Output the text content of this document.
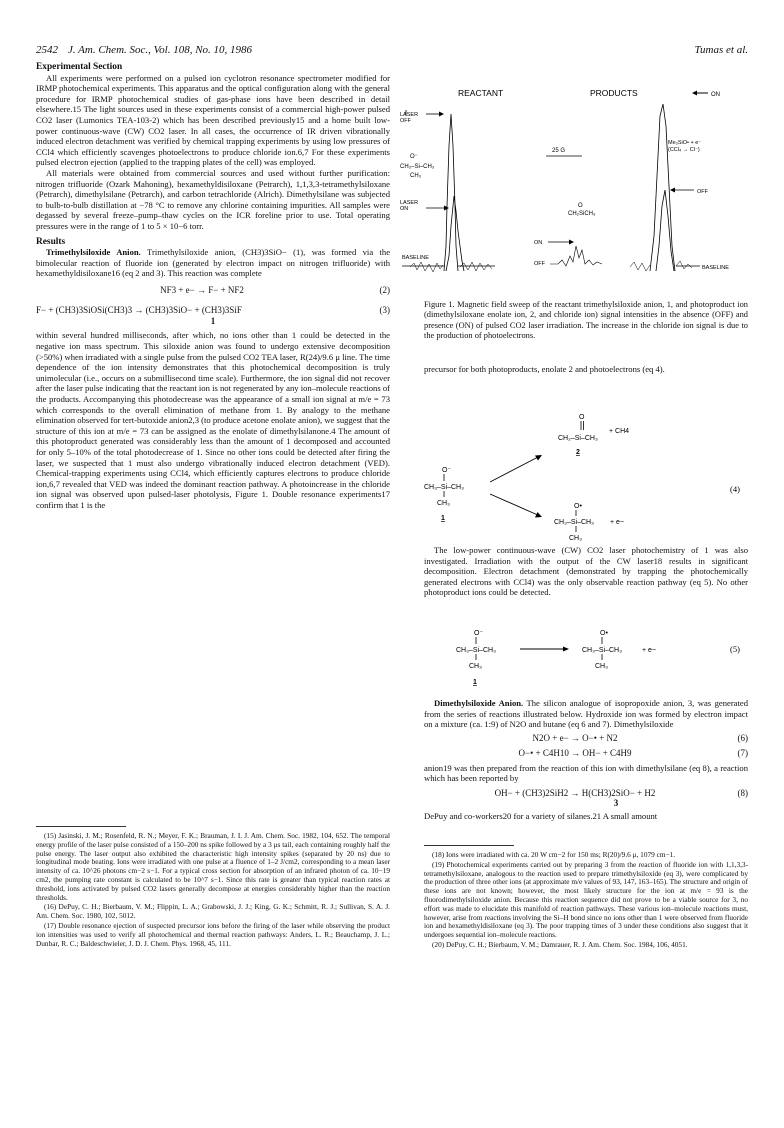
2542 J. Am. Chem. Soc., Vol. 108, No. 10, 1986	Tumas et al.

Experimental Section

All experiments were performed on a pulsed ion cyclotron resonance spectrometer modified for IRMP photochemical experiments. This apparatus and the optical configuration along with the general procedure for IRMP photochemical studies of gas-phase ions have been described in detail elsewhere.15 The light sources used in these experiments consist of a commercial high-power pulsed CO2 laser (Lumonics TEA-103-2) which has been described previously15 and a home built low-power continuous-wave (CW) CO2 laser. In all cases, the occurrence of IR driven vibrationally induced electron detachment was verified by chemical trapping experiments by using low pressures of CCl4 which efficiently scavenges photoelectrons to produce chloride ion.6,7 For these experiments pulsed electron ejection (applied to the trapping plates of the cell) was employed.

All materials were obtained from commercial sources and used without further purification: nitrogen trifluoride (Ozark Mahoning), hexamethyldisiloxane (Petrarch), 1,1,3,3-tetramethylsiloxane (Petrarch), dimethylsilane (Petrarch), and carbon tetrachloride (Alrich). Dimethylsilane was subjected to bulb-to-bulb distillation at −78 °C to remove any chlorine containing impurities. All samples were degassed by several freeze–pump–thaw cycles on the ICR foreline prior to use. Total operating pressures were in the range of 1 to 5 × 10−6 torr.

Results

Trimethylsiloxide Anion. Trimethylsiloxide anion, (CH3)3SiO− (1), was formed via the bimolecular reaction of fluoride ion (generated by electron impact on nitrogen trifluoride) with hexamethyldisiloxane16 (eq 2 and 3). This reaction was complete

NF3 + e− → F− + NF2	(2)
F− + (CH3)3SiOSi(CH3)3 → (CH3)3SiO− + (CH3)3SiF	(3)
1

within several hundred milliseconds, after which, no ions other than 1 could be detected in the negative ion mass spectrum. This siloxide anion was found to undergo extensive decomposition (>50%) when irradiated with a single pulse from the pulsed CO2 TEA laser, R(24)/9.6 μ line. The time dependence of the ion intensity demonstrates that this photochemical decomposition is truly unimolecular (i.e., occurs on a submillisecond time scale). Furthermore, the ion signal did not recover after the laser pulse indicating that the reactant ion is not regenerated by any ion–molecule reactions of the products. Accompanying this photodecrease was the appearance of a small ion signal at m/e = 73 which corresponds to the overall elimination of methane from 1. By analogy to the methane elimination observed for tert-butoxide anion2,3 (to produce acetone enolate anion), we suggest that the structure of this ion at m/e = 73 can be assigned as the enolate of dimethylsilanone.4 The amount of this photoproduct generated was considerably less than the amount of 1 decomposed and accounted for only 5–10% of the total photodecrease of 1. Since no other ions could be detected after firing the laser, we suspected that 1 must also undergo vibrationally induced electron detachment (VED). Chemical-trapping experiments using CCl4, which efficiently captures electrons to produce chloride ion,6,7 revealed that VED was indeed the dominant reaction pathway. A photoincrease in the chloride ion signal was observed upon pulsed-laser photolysis, Figure 1. Double resonance experiments17 confirm that 1 is the

(15) Jasinski, J. M.; Rosenfeld, R. N.; Meyer, F. K.; Brauman, J. I. J. Am. Chem. Soc. 1982, 104, 652. The temporal energy profile of the laser pulse consisted of a 150–200 ns spike followed by a 3 μs tail, each containing roughly half the pulse energy. The laser output also exhibited the characteristic high intensity spikes (separated by 20 ns) due to longitudinal mode beating. Ions were irradiated with one pulse at a fluence of 1–2 J/cm2, corresponding to a mean laser intensity of ca. 10^26 photons cm−2 s−1. For a typical cross section for absorption of an infrared photon of ca. 10−19 cm2, the pumping rate constant is calculated to be 10^7 s−1. Since this rate is greater than typical reaction rates at threshold, ions activated by pulsed CO2 lasers generally decompose at energies considerably higher than the reaction thresholds.

(16) DePuy, C. H.; Bierbaum, V. M.; Flippin, L. A.; Grabowski, J. J.; King, G. K.; Schmitt, R. J.; Sullivan, S. A. J. Am. Chem. Soc. 1980, 102, 5012.

(17) Double resonance ejection of suspected precursor ions before the firing of the laser while observing the product ion intensities was used to verify all photochemical and thermal reaction pathways: Anders, L. R.; Beauchamp, J. L.; Dunbar, R. C.; Baldeschwieler, J. D. J. Chem. Phys. 1968, 45, 111.

REACTANT	PRODUCTS	ON
LASER OFF
LASER ON
BASELINE
O⁻ CH₃–Si–CH₃ CH₃
25 G
O CH₂SiCH₃
ON
OFF
Me₃SiO• + e⁻ (CCl₄ → Cl⁻)
OFF
BASELINE
Figure 1. Magnetic field sweep of the reactant trimethylsiloxide anion, 1, and photoproduct ion (dimethylsiloxane enolate ion, 2, and chloride ion) signal intensities in the absence (OFF) and presence (ON) of pulsed CO2 laser irradiation. The increase in the chloride ion signal is due to the production of photoelectrons.

precursor for both photoproducts, enolate 2 and photoelectrons (eq 4).

O
CH₂–Si–CH₃
+ CH4
2
O⁻
CH₃–Si–CH₃
CH₃
1
O•
CH₃–Si–CH₃ + e−
CH₃
(4)

The low-power continuous-wave (CW) CO2 laser photochemistry of 1 was also investigated. Irradiation with the output of the CW laser18 results in significant decomposition. Electron detachment (demonstrated by trapping the photochemically generated electrons with CCl4) was the only observable reaction pathway (eq 5). No other photoproduct ions could be detected.

O⁻
CH₃–Si–CH₃
CH₃
1
O•
CH₃–Si–CH₃
CH₃
+ e−	(5)

Dimethylsiloxide Anion. The silicon analogue of isopropoxide anion, 3, was generated from the series of reactions illustrated below. Hydroxide ion was formed by electron impact on a mixture (ca. 1:9) of N2O and butane (eq 6 and 7). Dimethylsiloxide

N2O + e− → O−• + N2	(6)
O−• + C4H10 → OH− + C4H9	(7)

anion19 was then prepared from the reaction of this ion with dimethylsilane (eq 8), a reaction which has been reported by

OH− + (CH3)2SiH2 → H(CH3)2SiO− + H2	(8)
3

DePuy and co-workers20 for a variety of silanes.21 A small amount

(18) Ions were irradiated with ca. 20 W cm−2 for 150 ms; R(20)/9.6 μ, 1079 cm−1.

(19) Photochemical experiments carried out by preparing 3 from the reaction of fluoride ion with 1,1,3,3-tetramethylsiloxane, analogous to the reaction used to prepare trimethylsiloxide (eq 3), were complicated by the production of three other ions (at approximate m/e values of 93, 147, 163–165). The structure and origin of these ions are not known; however, the most likely structure for the ion at m/e = 93 is the fluorodimethylsiloxide anion. Because this reaction sequence did not prove to be a viable source for 3, no effort was made to elucidate this manifold of reaction pathways. These various ion–molecule reactions must, however, arise from reactions involving the Si–H bond since no ions other than 1 were observed from fluoride ion and hexamethyldisiloxane (eq 3). The poor trapping times of 3 under these conditions also suggest that it undergoes sequential ion–molecule reactions.

(20) DePuy, C. H.; Bierbaum, V. M.; Damrauer, R. J. Am. Chem. Soc. 1984, 106, 4051.
